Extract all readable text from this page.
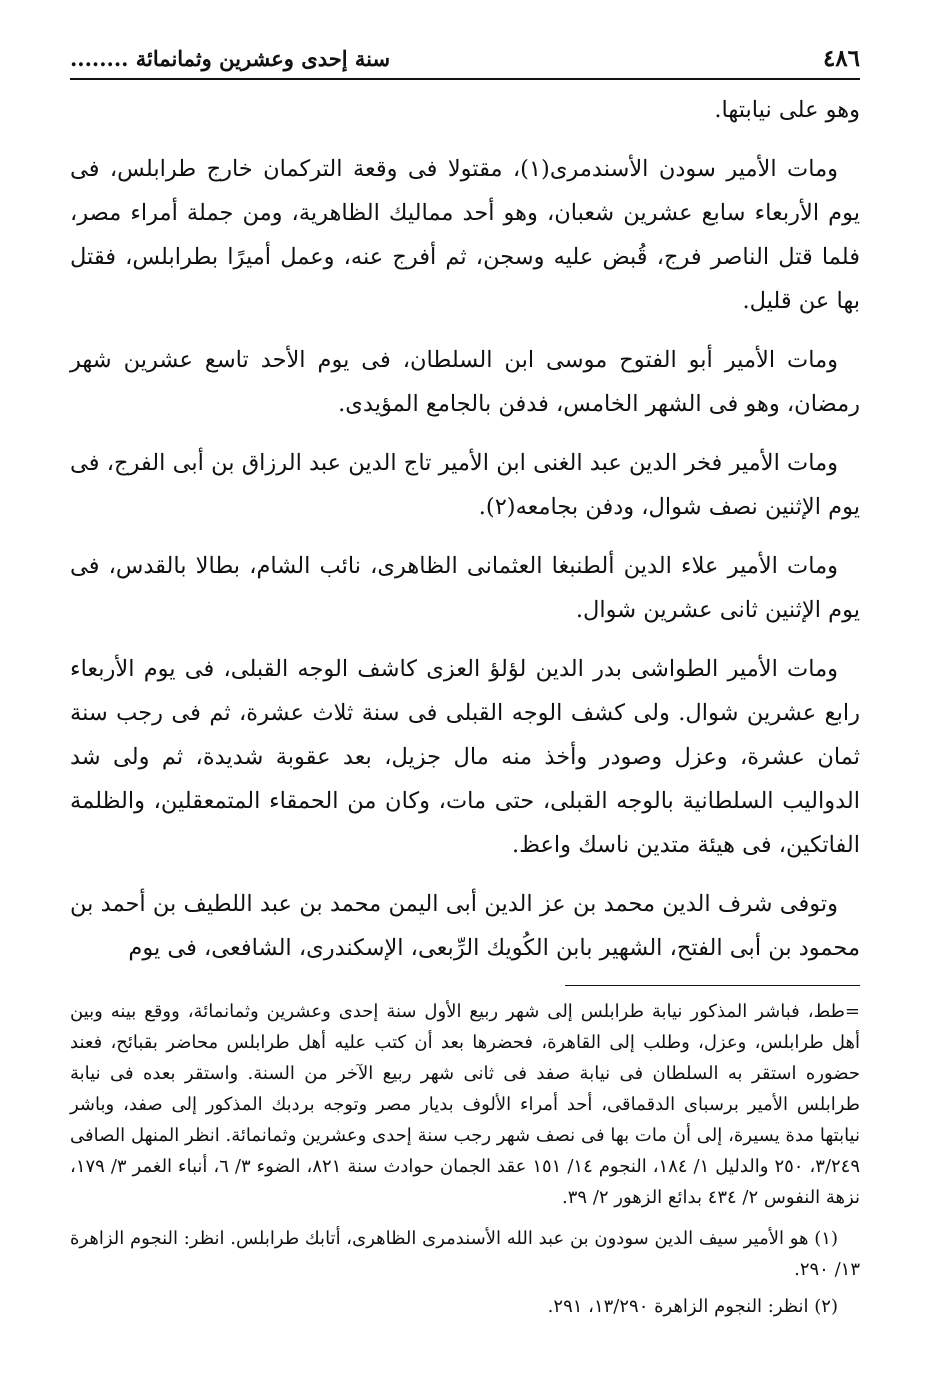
٤٨٦
سنة إحدى وعشرين وثمانمائة ........

وهو على نيابتها.

ومات الأمير سودن الأسندمرى(١)، مقتولا فى وقعة التركمان خارج طرابلس، فى يوم الأربعاء سابع عشرين شعبان، وهو أحد مماليك الظاهرية، ومن جملة أمراء مصر، فلما قتل الناصر فرج، قُبض عليه وسجن، ثم أفرج عنه، وعمل أميرًا بطرابلس، فقتل بها عن قليل.

ومات الأمير أبو الفتوح موسى ابن السلطان، فى يوم الأحد تاسع عشرين شهر رمضان، وهو فى الشهر الخامس، فدفن بالجامع المؤيدى.

ومات الأمير فخر الدين عبد الغنى ابن الأمير تاج الدين عبد الرزاق بن أبى الفرج، فى يوم الإثنين نصف شوال، ودفن بجامعه(٢).

ومات الأمير علاء الدين ألطنبغا العثمانى الظاهرى، نائب الشام، بطالا بالقدس، فى يوم الإثنين ثانى عشرين شوال.

ومات الأمير الطواشى بدر الدين لؤلؤ العزى كاشف الوجه القبلى، فى يوم الأربعاء رابع عشرين شوال. ولى كشف الوجه القبلى فى سنة ثلاث عشرة، ثم فى رجب سنة ثمان عشرة، وعزل وصودر وأخذ منه مال جزيل، بعد عقوبة شديدة، ثم ولى شد الدواليب السلطانية بالوجه القبلى، حتى مات، وكان من الحمقاء المتمعقلين، والظلمة الفاتكين، فى هيئة متدين ناسك واعظ.

وتوفى شرف الدين محمد بن عز الدين أبى اليمن محمد بن عبد اللطيف بن أحمد بن محمود بن أبى الفتح، الشهير بابن الكُويك الرِّبعى، الإسكندرى، الشافعى، فى يوم

=طط، فباشر المذكور نيابة طرابلس إلى شهر ربيع الأول سنة إحدى وعشرين وثمانمائة، ووقع بينه وبين أهل طرابلس، وعزل، وطلب إلى القاهرة، فحضرها بعد أن كتب عليه أهل طرابلس محاضر بقبائح، فعند حضوره استقر به السلطان فى نيابة صفد فى ثانى شهر ربيع الآخر من السنة. واستقر بعده فى نيابة طرابلس الأمير برسباى الدقماقى، أحد أمراء الألوف بديار مصر وتوجه بردبك المذكور إلى صفد، وباشر نيابتها مدة يسيرة، إلى أن مات بها فى نصف شهر رجب سنة إحدى وعشرين وثمانمائة. انظر المنهل الصافى ٣/٢٤٩، ٢٥٠ والدليل ١/ ١٨٤، النجوم ١٤/ ١٥١ عقد الجمان حوادث سنة ٨٢١، الضوء ٣/ ٦، أنباء الغمر ٣/ ١٧٩، نزهة النفوس ٢/ ٤٣٤ بدائع الزهور ٢/ ٣٩.

(١) هو الأمير سيف الدين سودون بن عبد الله الأسندمرى الظاهرى، أتابك طرابلس. انظر: النجوم الزاهرة ١٣/ ٢٩٠.

(٢) انظر: النجوم الزاهرة ١٣/٢٩٠، ٢٩١.
